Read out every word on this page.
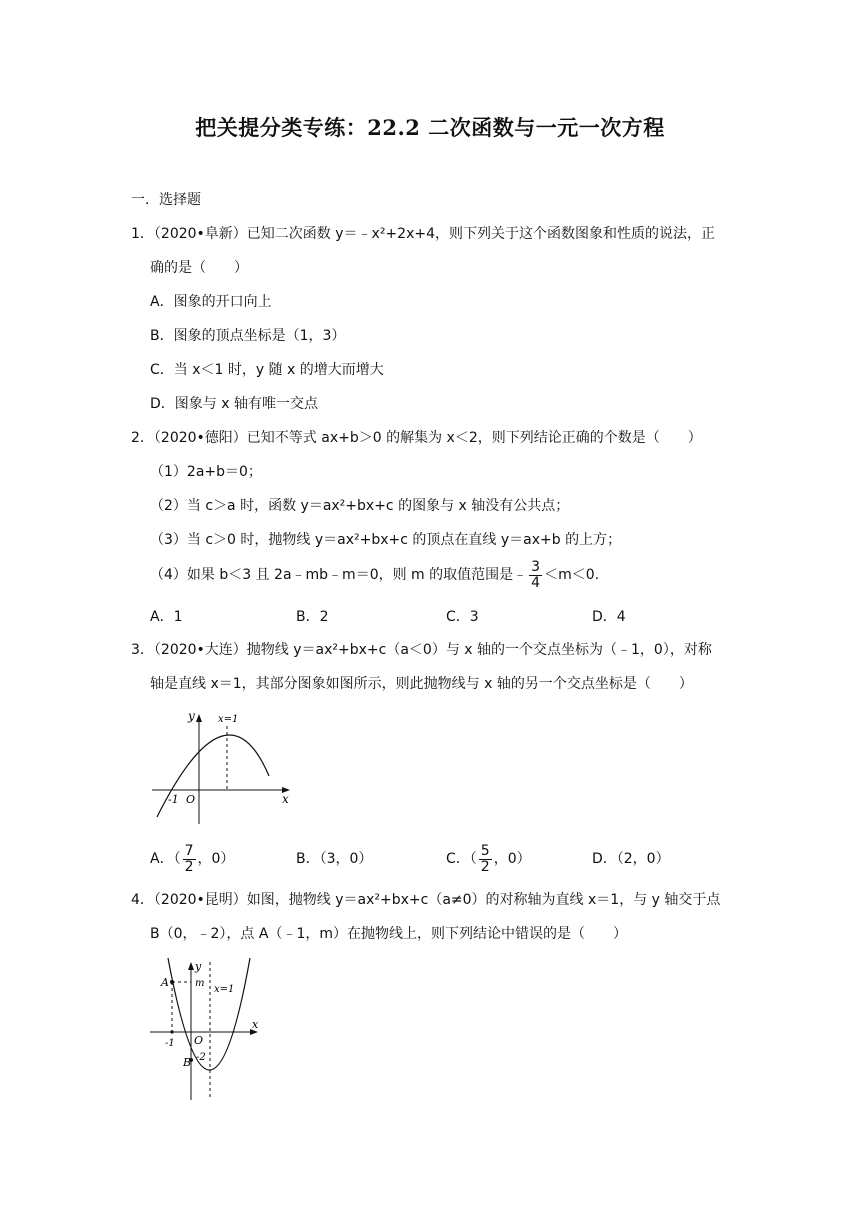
把关提分类专练：22.2 二次函数与一元一次方程

一．选择题

1．（2020•阜新）已知二次函数 y＝﹣x²+2x+4，则下列关于这个函数图象和性质的说法，正

确的是（　　）

A．图象的开口向上

B．图象的顶点坐标是（1，3）

C．当 x＜1 时，y 随 x 的增大而增大

D．图象与 x 轴有唯一交点

2．（2020•德阳）已知不等式 ax+b＞0 的解集为 x＜2，则下列结论正确的个数是（　　）

（1）2a+b＝0；

（2）当 c＞a 时，函数 y＝ax²+bx+c 的图象与 x 轴没有公共点；

（3）当 c＞0 时，抛物线 y＝ax²+bx+c 的顶点在直线 y＝ax+b 的上方；

（4）如果 b＜3 且 2a﹣mb﹣m＝0，则 m 的取值范围是﹣ $\frac{3}{4} <m<0$.
A．1	B．2	C．3	D．4

3．（2020•大连）抛物线 y＝ax²+bx+c（a＜0）与 x 轴的一个交点坐标为（﹣1，0），对称

轴是直线 x＝1，其部分图象如图所示，则此抛物线与 x 轴的另一个交点坐标是（　　）

y
x
x=1
-1 O
A．（ $\frac{7}{2}$ ，0）	B．（3，0）	C．（ $\frac{5}{2}$ ，0）	D．（2，0）

4．（2020•昆明）如图，抛物线 y＝ax²+bx+c（a≠0）的对称轴为直线 x＝1，与 y 轴交于点

B（0，﹣2），点 A（﹣1，m）在抛物线上，则下列结论中错误的是（　　）

y
x
A	m
x=1
-1 O
B -2
